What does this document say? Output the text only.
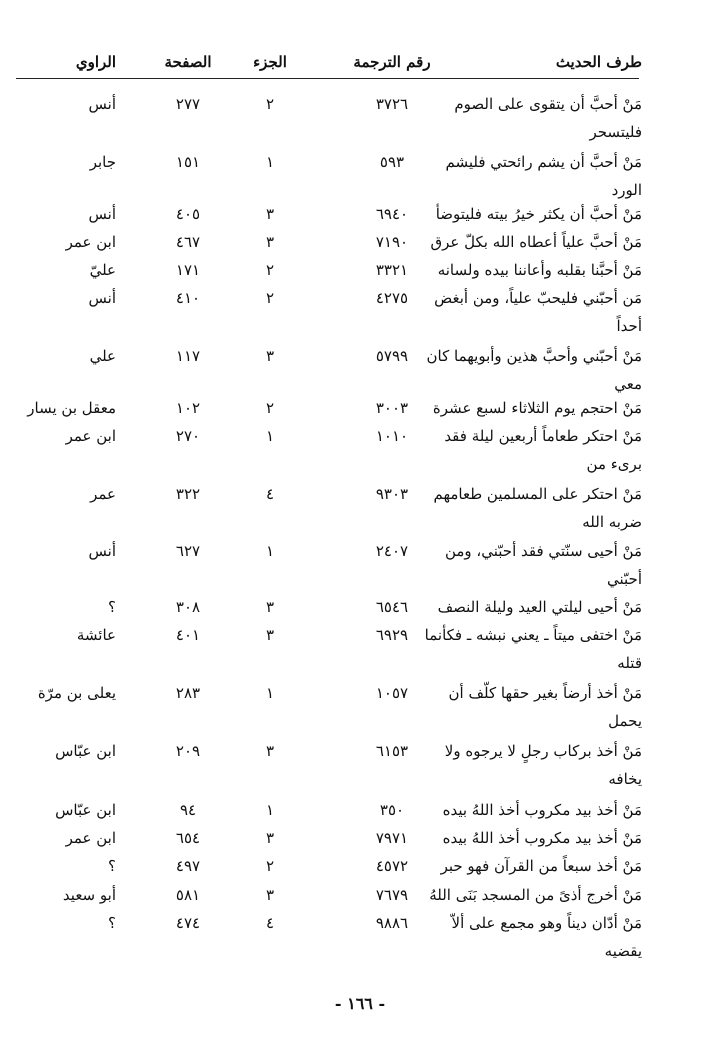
طرف الحديث
رقم الترجمة
الجزء
الصفحة
الراوي
مَنْ أحبَّ أن يتقوى على الصوم
فليتسحر
٣٧٢٦
٢
٢٧٧
أنس
مَنْ أحبَّ أن يشم رائحتي فليشم
الورد
٥٩٣
١
١٥١
جابر
مَنْ أحبَّ أن يكثر خيرُ بيته فليتوضأ
٦٩٤٠
٣
٤٠٥
أنس
مَنْ أحبَّ علياً أعطاه الله بكلّ عرق
٧١٩٠
٣
٤٦٧
ابن عمر
مَنْ أحبَّنا بقلبه وأعاننا بيده ولسانه
٣٣٢١
٢
١٧١
عليّ
مَن أحبّني فليحبّ علياً، ومن أبغض
أحداً
٤٢٧٥
٢
٤١٠
أنس
مَنْ أحبّني وأحبَّ هذين وأبويهما كان
معي
٥٧٩٩
٣
١١٧
علي
مَنْ احتجم يوم الثلاثاء لسبع عشرة
٣٠٠٣
٢
١٠٢
معقل بن يسار
مَنْ احتكر طعاماً أربعين ليلة فقد
برىء من
١٠١٠
١
٢٧٠
ابن عمر
مَنْ احتكر على المسلمين طعامهم
ضربه الله
٩٣٠٣
٤
٣٢٢
عمر
مَنْ أحيى سنّتي فقد أحبّني، ومن
أحبّني
٢٤٠٧
١
٦٢٧
أنس
مَنْ أحيى ليلتي العيد وليلة النصف
٦٥٤٦
٣
٣٠٨
؟
مَنْ اختفى ميتاً ـ يعني نبشه ـ فكأنما
قتله
٦٩٢٩
٣
٤٠١
عائشة
مَنْ أخذ أرضاً بغير حقها كلّف أن
يحمل
١٠٥٧
١
٢٨٣
يعلى بن مرّة
مَنْ أخذ بركاب رجلٍ لا يرجوه ولا
يخافه
٦١٥٣
٣
٢٠٩
ابن عبّاس
مَنْ أخذ بيد مكروب أخذ اللهُ بيده
٣٥٠
١
٩٤
ابن عبّاس
مَنْ أخذ بيد مكروب أخذ اللهُ بيده
٧٩٧١
٣
٦٥٤
ابن عمر
مَنْ أخذ سبعاً من القرآن فهو حبر
٤٥٧٢
٢
٤٩٧
؟
مَنْ أخرج أذىً من المسجد بَنَى اللهُ
٧٦٧٩
٣
٥٨١
أبو سعيد
مَنْ أدّان ديناً وهو مجمع على ألاّ
يقضيه
٩٨٨٦
٤
٤٧٤
؟
- ١٦٦ -
